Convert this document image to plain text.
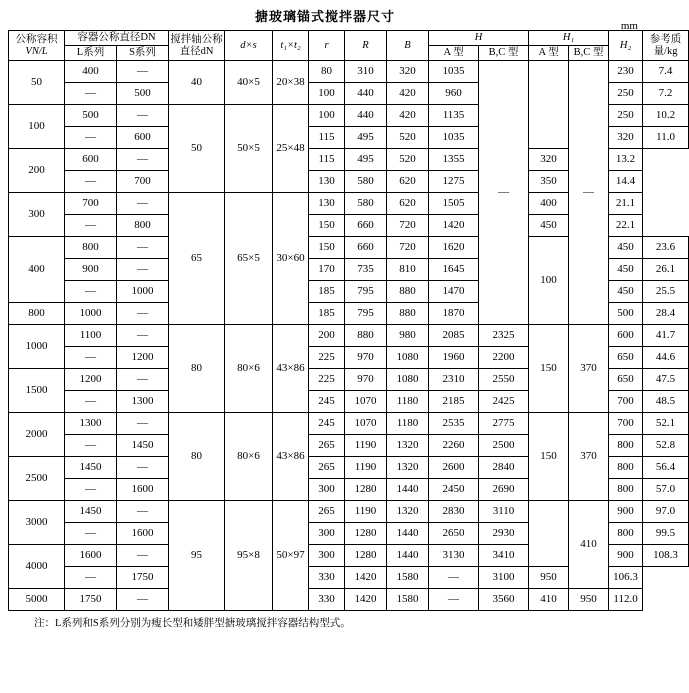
搪玻璃锚式搅拌器尺寸
mm
公称容积
VN/L	容器公称直径DN		搅拌轴公称直径dN	d×s	t₁×t₂	r	R	B	H		H₁		H₂	参考质量/kg
	L系列	S系列							A 型	B,C 型	A 型	B,C 型		
50	400	—	40	40×5	20×38	80	310	320	1035	—		—	230	7.4
	—	500				100	440	420	960				250	7.2
100	500	—	50	50×5	25×48	100	440	420	1135				250	10.2
	—	600				115	495	520	1035				320	11.0
200	600	—				115	495	520	1355		320		13.2	
	—	700				130	580	620	1275		350		14.4	
300	700	—	65	65×5	30×60	130	580	620	1505		400		21.1	
	—	800				150	660	720	1420		450		22.1	
400	800	—				150	660	720	1620		100		450	23.6
	900	—				170	735	810	1645				450	26.1
	—	1000				185	795	880	1470				450	25.5
800	1000	—				185	795	880	1870				500	28.4
1000	1100	—	80	80×6	43×86	200	880	980	2085	2325	150	370	600	41.7
	—	1200				225	970	1080	1960	2200			650	44.6
1500	1200	—				225	970	1080	2310	2550			650	47.5
	—	1300				245	1070	1180	2185	2425			700	48.5
2000	1300	—	80	80×6	43×86	245	1070	1180	2535	2775	150	370	700	52.1
	—	1450				265	1190	1320	2260	2500			800	52.8
2500	1450	—				265	1190	1320	2600	2840			800	56.4
	—	1600				300	1280	1440	2450	2690			800	57.0
3000	1450	—	95	95×8	50×97	265	1190	1320	2830	3110		410	900	97.0
	—	1600				300	1280	1440	2650	2930			800	99.5
4000	1600	—				300	1280	1440	3130	3410			900	108.3
	—	1750				330	1420	1580	—	3100	950		106.3	
5000	1750	—				330	1420	1580	—	3560	410	950	112.0	
注：L系列和S系列分别为瘦长型和矮胖型搪玻璃搅拌容器结构型式。
